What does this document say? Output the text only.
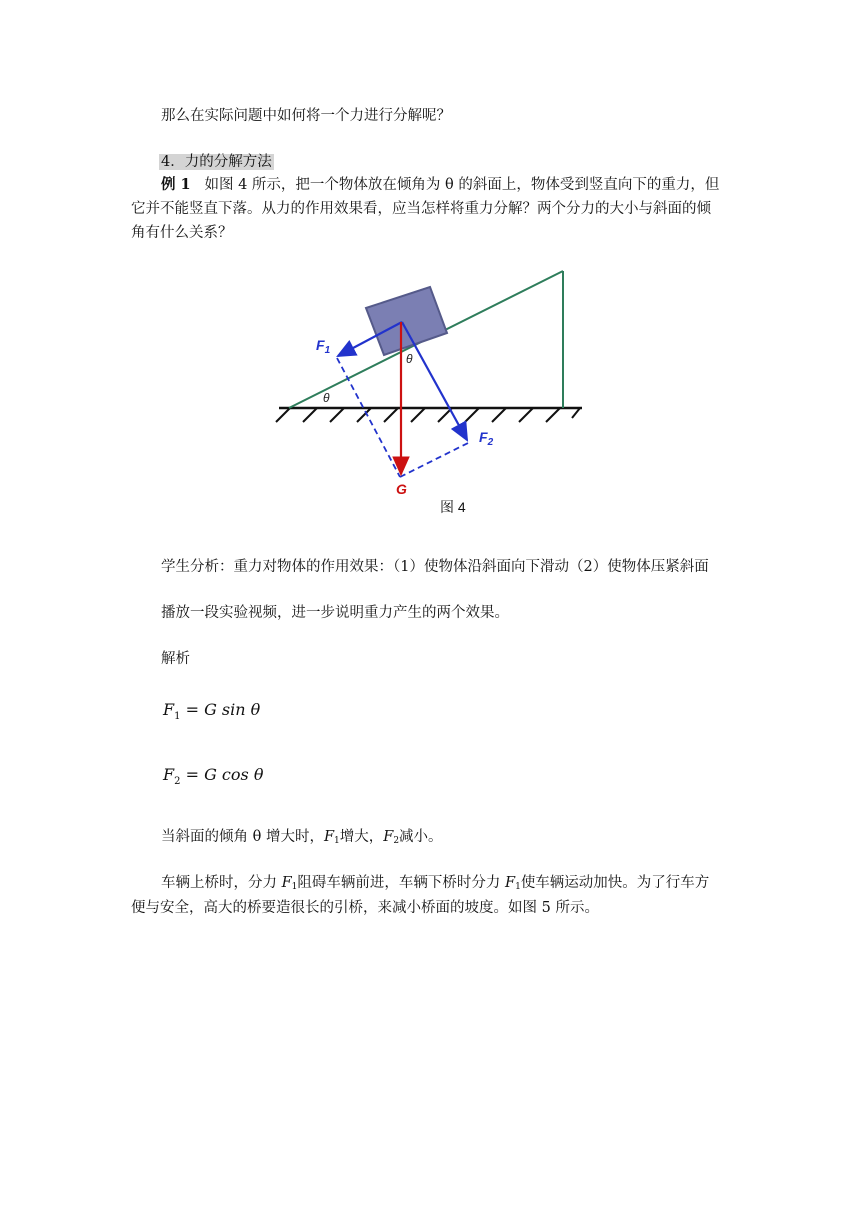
那么在实际问题中如何将一个力进行分解呢？
4．力的分解方法
例 1 如图 4 所示，把一个物体放在倾角为 θ 的斜面上，物体受到竖直向下的重力，但
它并不能竖直下落。从力的作用效果看，应当怎样将重力分解？两个分力的大小与斜面的倾
角有什么关系？
$F_1$
$F_2$
G
θ
θ
图 4
学生分析：重力对物体的作用效果：（1）使物体沿斜面向下滑动（2）使物体压紧斜面
播放一段实验视频，进一步说明重力产生的两个效果。
解析
$F_1 = G$ sin θ
$F_2 = G$ cos θ
当斜面的倾角 θ 增大时，$F_1$增大，$F_2$减小。
车辆上桥时，分力 $F_1$阻碍车辆前进，车辆下桥时分力 $F_1$使车辆运动加快。为了行车方
便与安全，高大的桥要造很长的引桥，来减小桥面的坡度。如图 5 所示。
